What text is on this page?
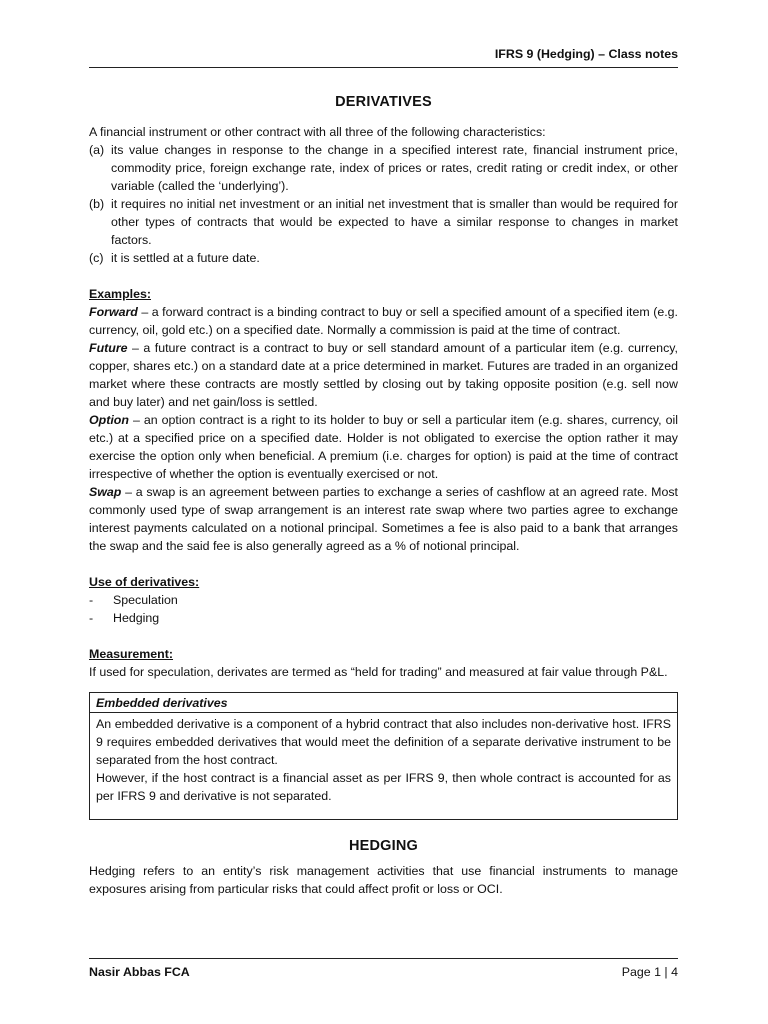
IFRS 9 (Hedging) – Class notes
DERIVATIVES

A financial instrument or other contract with all three of the following characteristics:

(a) its value changes in response to the change in a specified interest rate, financial instrument price, commodity price, foreign exchange rate, index of prices or rates, credit rating or credit index, or other variable (called the ‘underlying’).
(b) it requires no initial net investment or an initial net investment that is smaller than would be required for other types of contracts that would be expected to have a similar response to changes in market factors.
(c) it is settled at a future date.

Examples:

Forward – a forward contract is a binding contract to buy or sell a specified amount of a specified item (e.g. currency, oil, gold etc.) on a specified date. Normally a commission is paid at the time of contract.

Future – a future contract is a contract to buy or sell standard amount of a particular item (e.g. currency, copper, shares etc.) on a standard date at a price determined in market. Futures are traded in an organized market where these contracts are mostly settled by closing out by taking opposite position (e.g. sell now and buy later) and net gain/loss is settled.

Option – an option contract is a right to its holder to buy or sell a particular item (e.g. shares, currency, oil etc.) at a specified price on a specified date. Holder is not obligated to exercise the option rather it may exercise the option only when beneficial. A premium (i.e. charges for option) is paid at the time of contract irrespective of whether the option is eventually exercised or not.

Swap – a swap is an agreement between parties to exchange a series of cashflow at an agreed rate. Most commonly used type of swap arrangement is an interest rate swap where two parties agree to exchange interest payments calculated on a notional principal. Sometimes a fee is also paid to a bank that arranges the swap and the said fee is also generally agreed as a % of notional principal.

Use of derivatives:

-	Speculation
-	Hedging

Measurement:

If used for speculation, derivates are termed as “held for trading” and measured at fair value through P&L.

Embedded derivatives

An embedded derivative is a component of a hybrid contract that also includes non-derivative host. IFRS 9 requires embedded derivatives that would meet the definition of a separate derivative instrument to be separated from the host contract.

However, if the host contract is a financial asset as per IFRS 9, then whole contract is accounted for as per IFRS 9 and derivative is not separated.

HEDGING

Hedging refers to an entity’s risk management activities that use financial instruments to manage exposures arising from particular risks that could affect profit or loss or OCI.

Nasir Abbas FCA	Page 1 | 4
